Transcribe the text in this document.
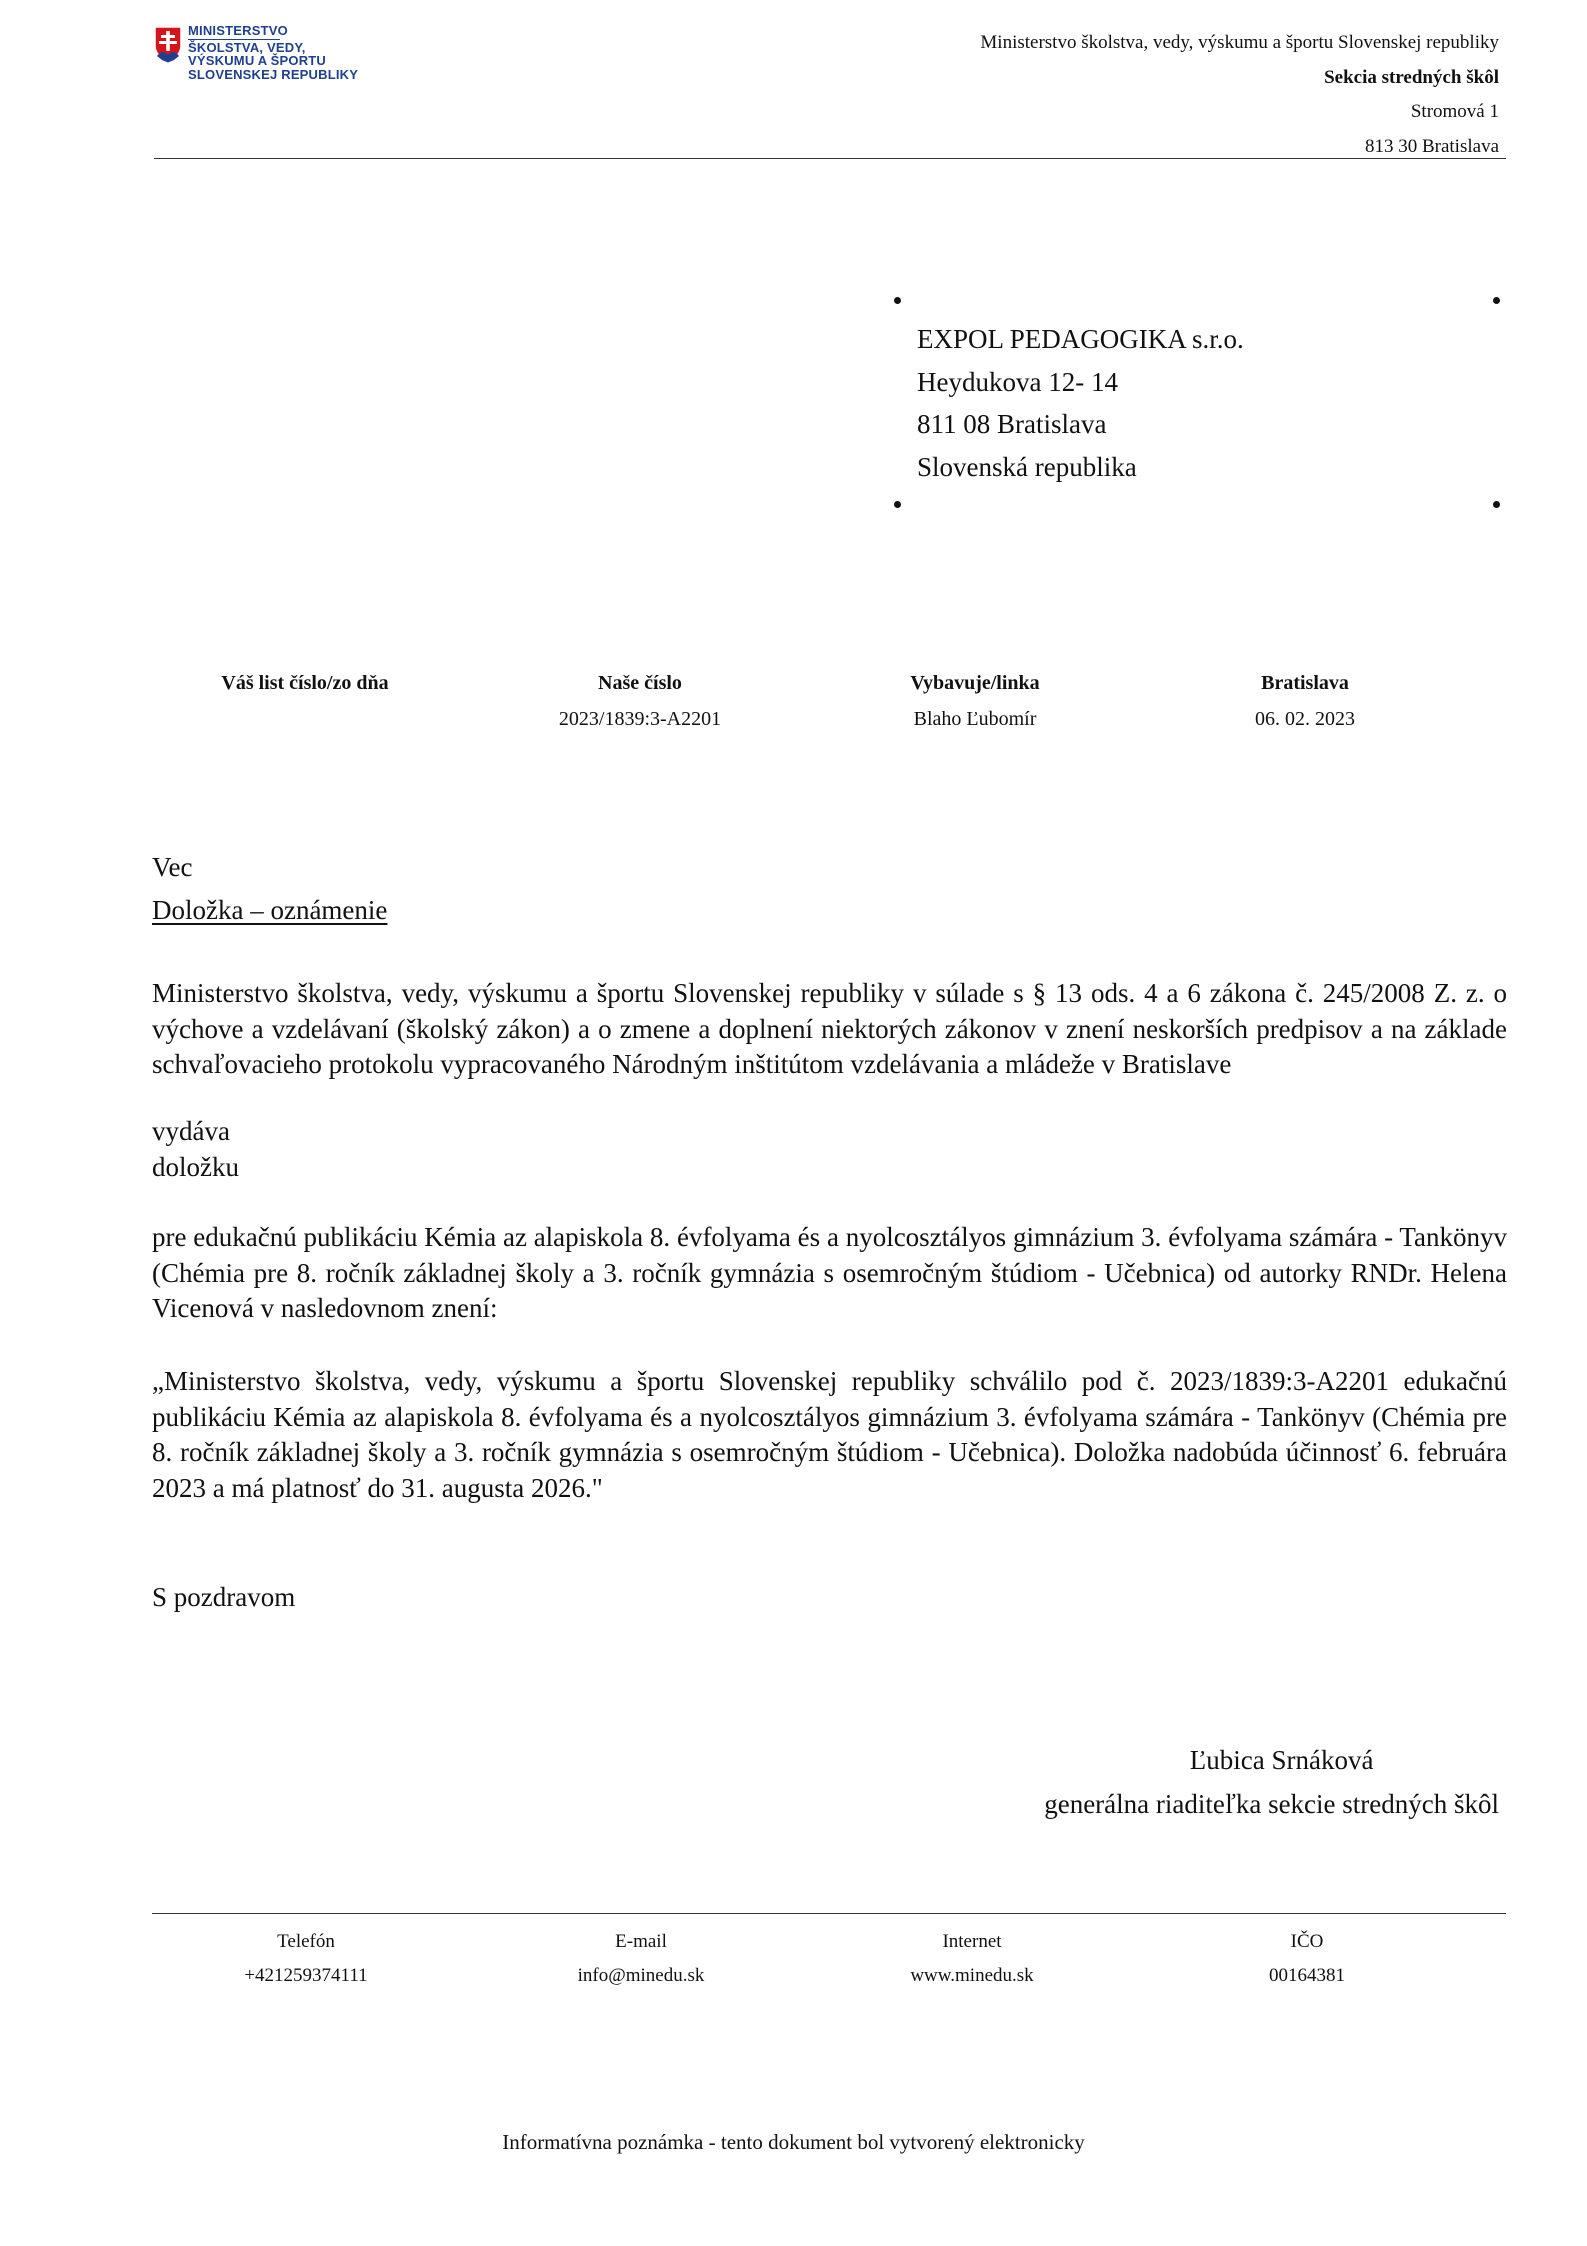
MINISTERSTVO
ŠKOLSTVA, VEDY,
VÝSKUMU A ŠPORTU
SLOVENSKEJ REPUBLIKY
Ministerstvo školstva, vedy, výskumu a športu Slovenskej republiky
Sekcia stredných škôl
Stromová 1
813 30 Bratislava
EXPOL PEDAGOGIKA s.r.o.
Heydukova 12- 14
811 08 Bratislava
Slovenská republika
Váš list číslo/zo dňa	Naše číslo
2023/1839:3-A2201
Vybavuje/linka
Blaho Ľubomír
Bratislava
06. 02. 2023
Vec
Doložka – oznámenie
Ministerstvo školstva, vedy, výskumu a športu Slovenskej republiky v súlade s § 13 ods. 4 a 6 zákona č. 245/2008 Z. z. o výchove a vzdelávaní (školský zákon) a o zmene a doplnení niektorých zákonov v znení neskorších predpisov a na základe schvaľovacieho protokolu vypracovaného Národným inštitútom vzdelávania a mládeže v Bratislave
vydáva
doložku
pre edukačnú publikáciu Kémia az alapiskola 8. évfolyama és a nyolcosztályos gimnázium 3. évfolyama számára - Tankönyv (Chémia pre 8. ročník základnej školy a 3. ročník gymnázia s osemročným štúdiom - Učebnica) od autorky RNDr. Helena Vicenová v nasledovnom znení:
„Ministerstvo školstva, vedy, výskumu a športu Slovenskej republiky schválilo pod č. 2023/1839:3-A2201 edukačnú publikáciu Kémia az alapiskola 8. évfolyama és a nyolcosztályos gimnázium 3. évfolyama számára - Tankönyv (Chémia pre 8. ročník základnej školy a 3. ročník gymnázia s osemročným štúdiom - Učebnica). Doložka nadobúda účinnosť 6. februára 2023 a má platnosť do 31. augusta 2026."
S pozdravom
Ľubica Srnáková
generálna riaditeľka sekcie stredných škôl
Telefón
+421259374111
E-mail
info@minedu.sk
Internet
www.minedu.sk
IČO
00164381
Informatívna poznámka - tento dokument bol vytvorený elektronicky
